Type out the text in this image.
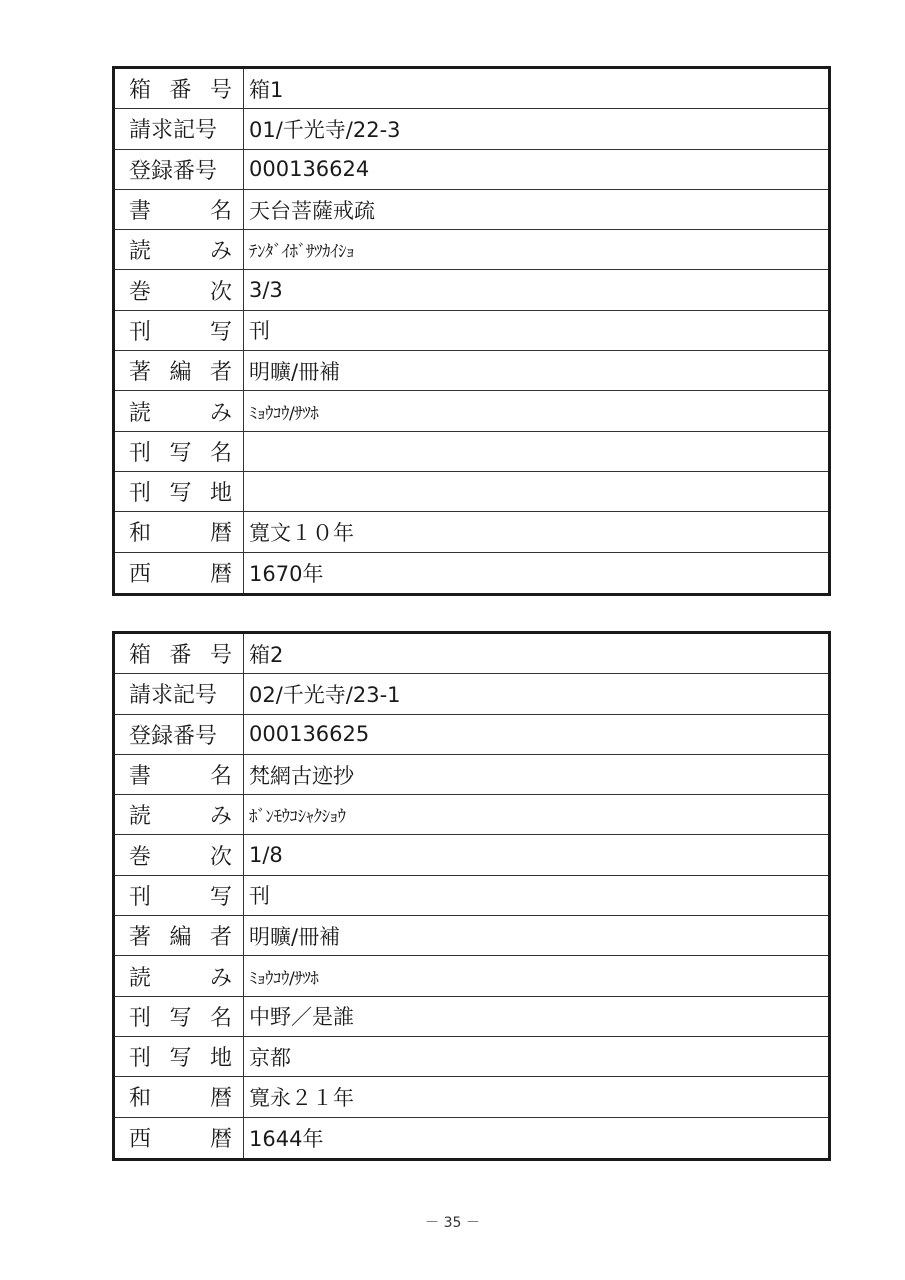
箱 番 号 箱1
請求記号 01/千光寺/22-3
登録番号 000136624
書	名 天台菩薩戒疏
読	み ﾃﾝﾀﾞｲﾎﾞｻﾂｶｲｼｮ
巻	次 3/3
刊	写 刊
著 編 者 明曠/冊補
読	み ﾐｮｳｺｳ/ｻﾂﾎ
刊 写 名
刊 写 地
和	暦 寛文１０年
西	暦 1670年
箱 番 号 箱2
請求記号 02/千光寺/23-1
登録番号 000136625
書	名 梵網古迹抄
読	み ﾎﾞﾝﾓｳｺｼｬｸｼｮｳ
巻	次 1/8
刊	写 刊
著 編 者 明曠/冊補
読	み ﾐｮｳｺｳ/ｻﾂﾎ
刊 写 名 中野／是誰
刊 写 地 京都
和	暦 寛永２１年
西	暦 1644年
－ 35 －
